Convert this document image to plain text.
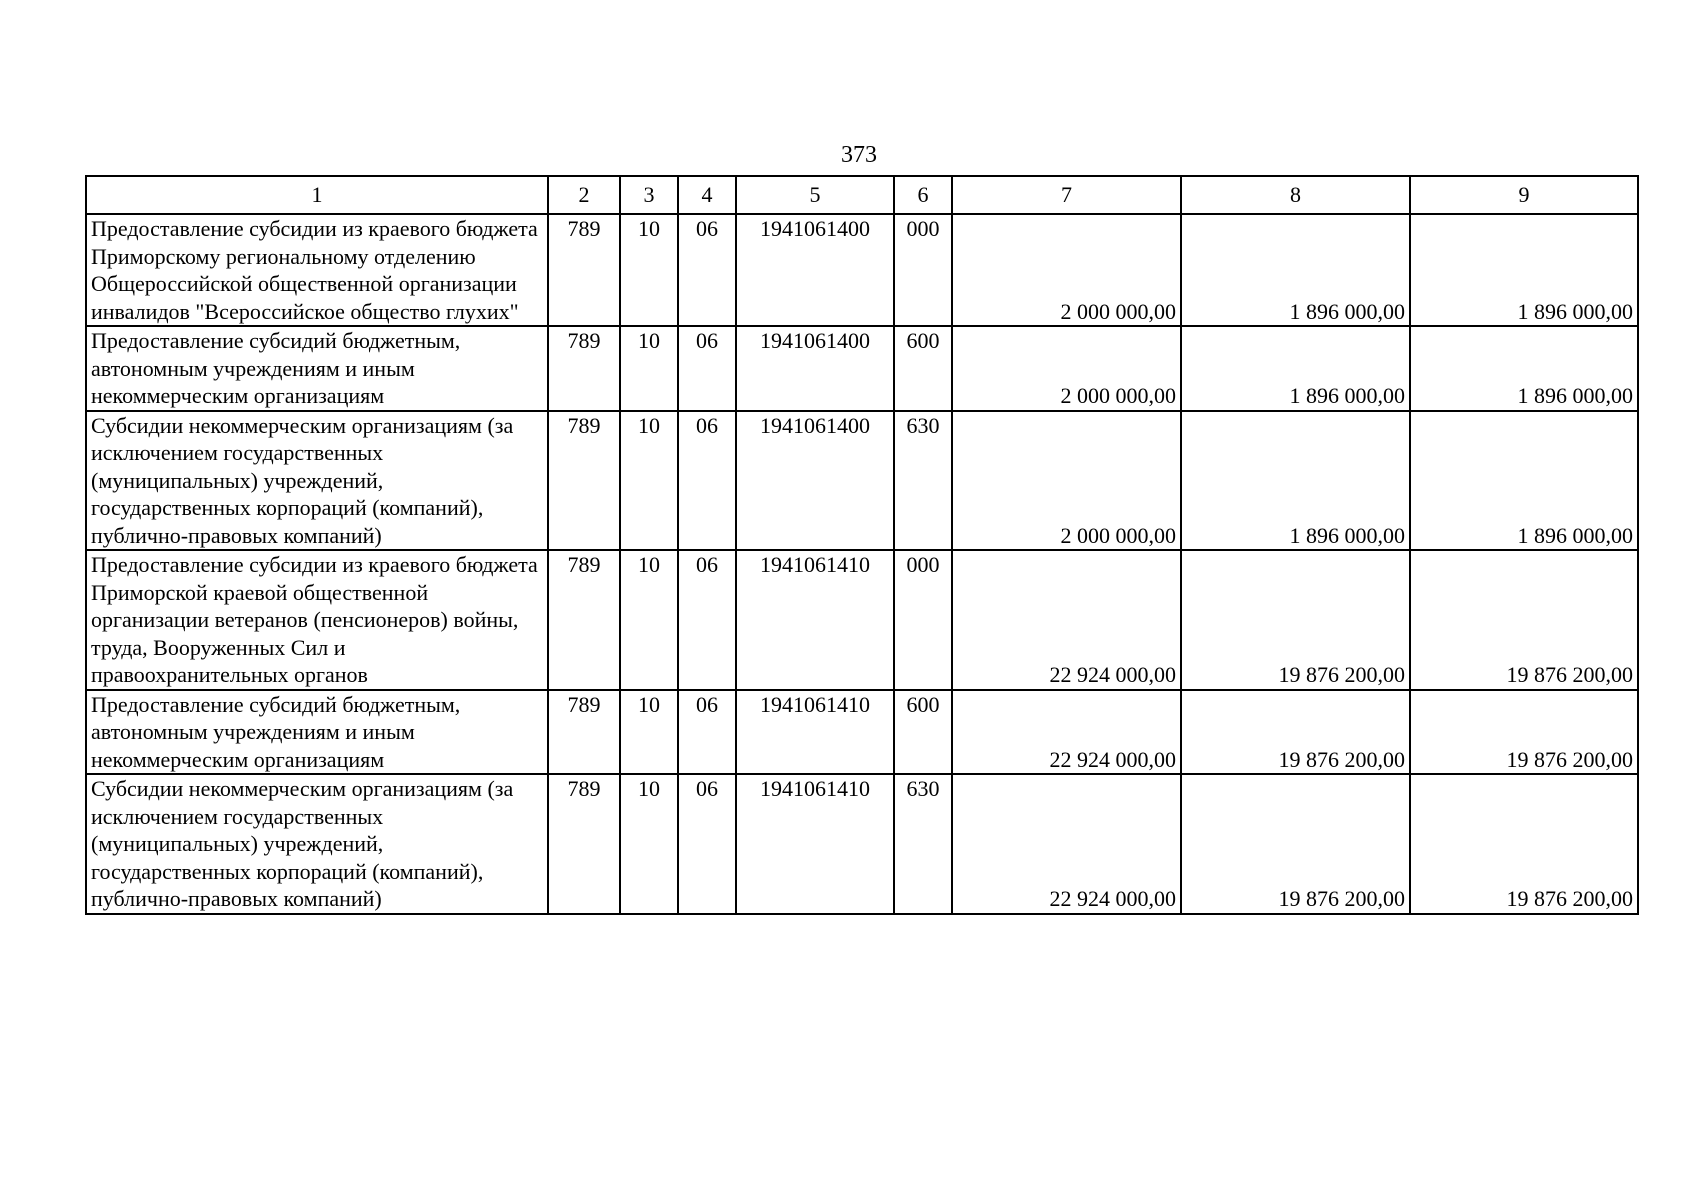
373
1	2	3	4	5	6	7	8	9
Предоставление субсидии из краевого бюджета Приморскому региональному отделению Общероссийской общественной организации инвалидов "Всероссийское общество глухих"	789	10	06	1941061400	000	2 000 000,00	1 896 000,00	1 896 000,00
Предоставление субсидий бюджетным, автономным учреждениям и иным некоммерческим организациям	789	10	06	1941061400	600	2 000 000,00	1 896 000,00	1 896 000,00
Субсидии некоммерческим организациям (за исключением государственных (муниципальных) учреждений, государственных корпораций (компаний), публично-правовых компаний)	789	10	06	1941061400	630	2 000 000,00	1 896 000,00	1 896 000,00
Предоставление субсидии из краевого бюджета Приморской краевой общественной организации ветеранов (пенсионеров) войны, труда, Вооруженных Сил и правоохранительных органов	789	10	06	1941061410	000	22 924 000,00	19 876 200,00	19 876 200,00
Предоставление субсидий бюджетным, автономным учреждениям и иным некоммерческим организациям	789	10	06	1941061410	600	22 924 000,00	19 876 200,00	19 876 200,00
Субсидии некоммерческим организациям (за исключением государственных (муниципальных) учреждений, государственных корпораций (компаний), публично-правовых компаний)	789	10	06	1941061410	630	22 924 000,00	19 876 200,00	19 876 200,00
